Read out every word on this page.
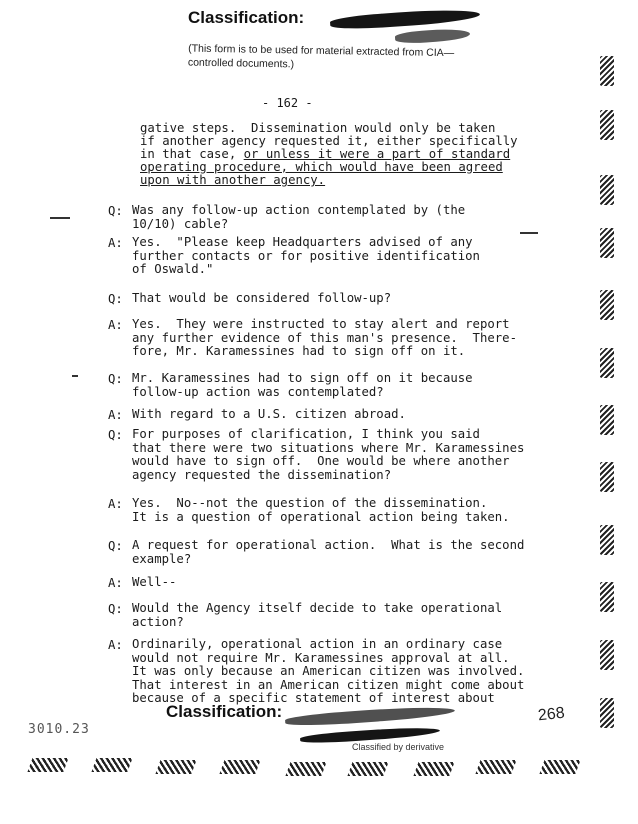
Classification:
(This form is to be used for material extracted from CIA—controlled documents.)
- 162 -
gative steps.  Dissemination would only be taken
if another agency requested it, either specifically
in that case, or unless it were a part of standard
operating procedure, which would have been agreed
upon with another agency.
Q: Was any follow-up action contemplated by (the
10/10) cable?
A: Yes.  "Please keep Headquarters advised of any
further contacts or for positive identification
of Oswald."
Q: That would be considered follow-up?
A: Yes.  They were instructed to stay alert and report
any further evidence of this man's presence.  There-
fore, Mr. Karamessines had to sign off on it.
Q: Mr. Karamessines had to sign off on it because
follow-up action was contemplated?
A: With regard to a U.S. citizen abroad.
Q: For purposes of clarification, I think you said
that there were two situations where Mr. Karamessines
would have to sign off.  One would be where another
agency requested the dissemination?
A: Yes.  No--not the question of the dissemination.
It is a question of operational action being taken.
Q: A request for operational action.  What is the second
example?
A: Well--
Q: Would the Agency itself decide to take operational
action?
A: Ordinarily, operational action in an ordinary case
would not require Mr. Karamessines approval at all.
It was only because an American citizen was involved.
That interest in an American citizen might come about
because of a specific statement of interest about
Classification:
3010.23
268
Classified by derivative
